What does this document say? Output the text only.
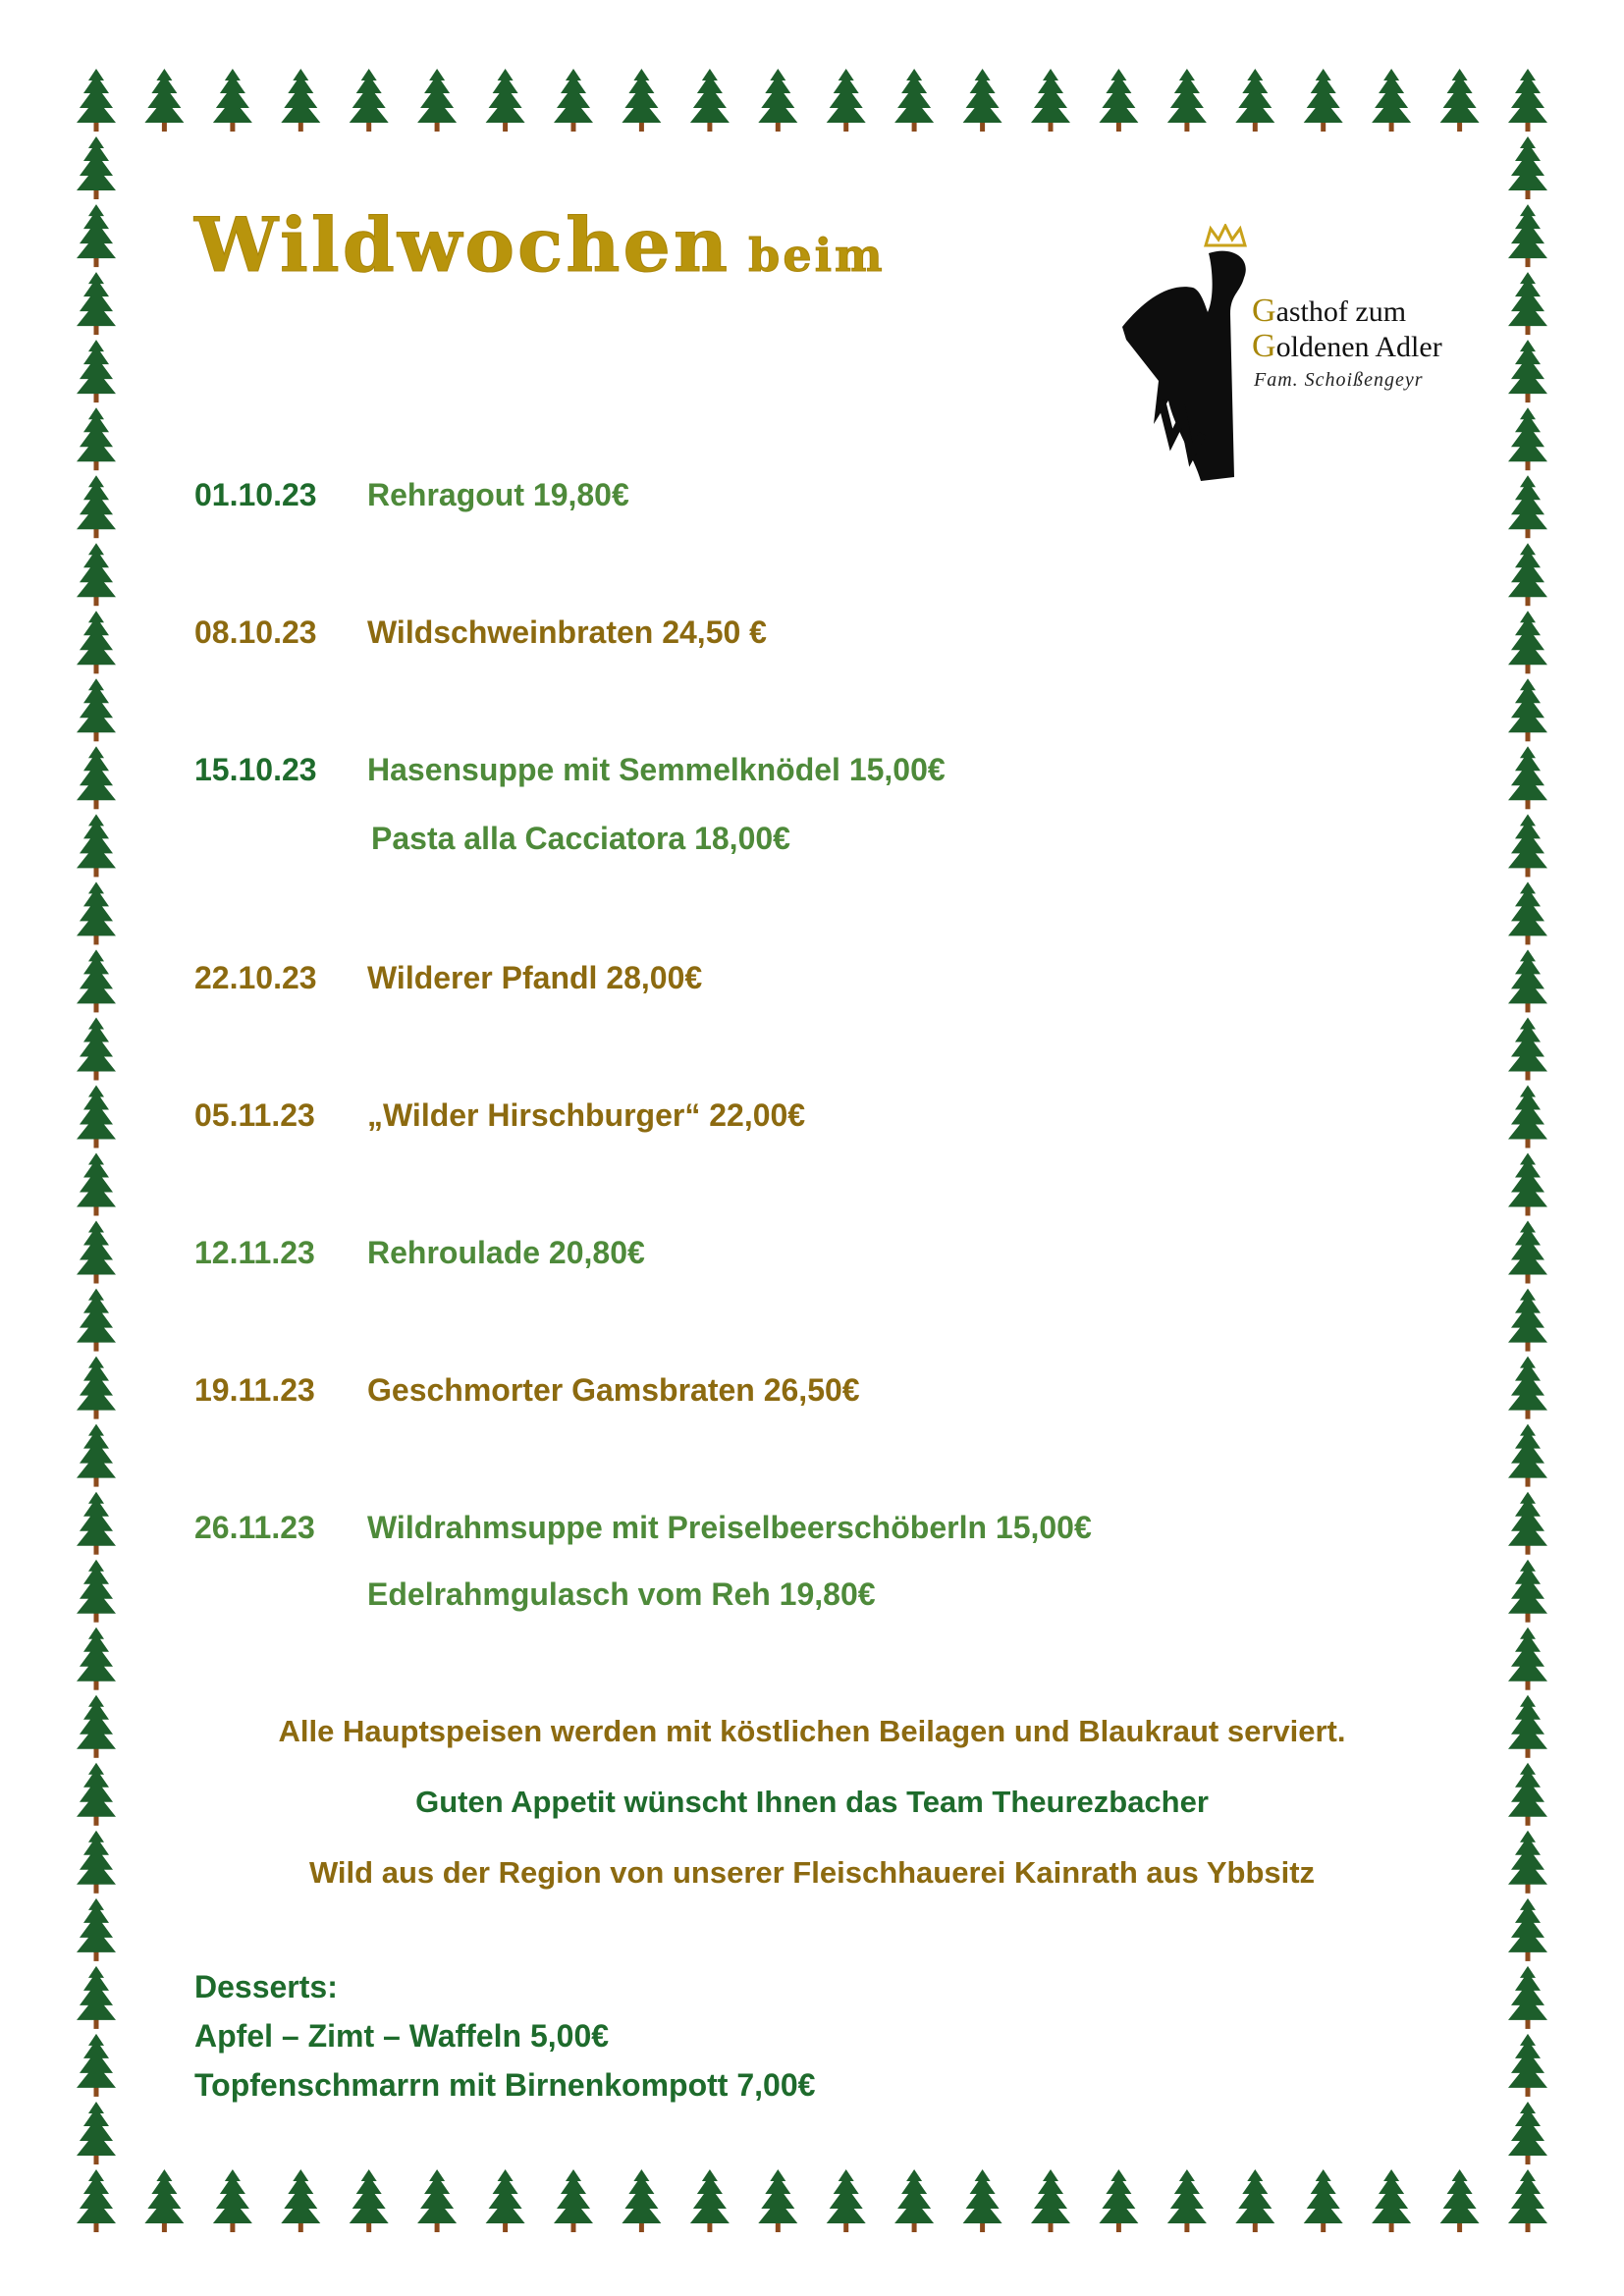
Wildwochen beim
Gasthof zum
Goldenen Adler
Fam. Schoißengeyr
01.10.23 Rehragout 19,80€
08.10.23 Wildschweinbraten 24,50 €
15.10.23 Hasensuppe mit Semmelknödel 15,00€
Pasta alla Cacciatora 18,00€
22.10.23 Wilderer Pfandl 28,00€
05.11.23 „Wilder Hirschburger“ 22,00€
12.11.23 Rehroulade 20,80€
19.11.23 Geschmorter Gamsbraten 26,50€
26.11.23 Wildrahmsuppe mit Preiselbeerschöberln 15,00€
Edelrahmgulasch vom Reh 19,80€
Alle Hauptspeisen werden mit köstlichen Beilagen und Blaukraut serviert.
Guten Appetit wünscht Ihnen das Team Theurezbacher
Wild aus der Region von unserer Fleischhauerei Kainrath aus Ybbsitz
Desserts:
Apfel – Zimt – Waffeln 5,00€
Topfenschmarrn mit Birnenkompott 7,00€
